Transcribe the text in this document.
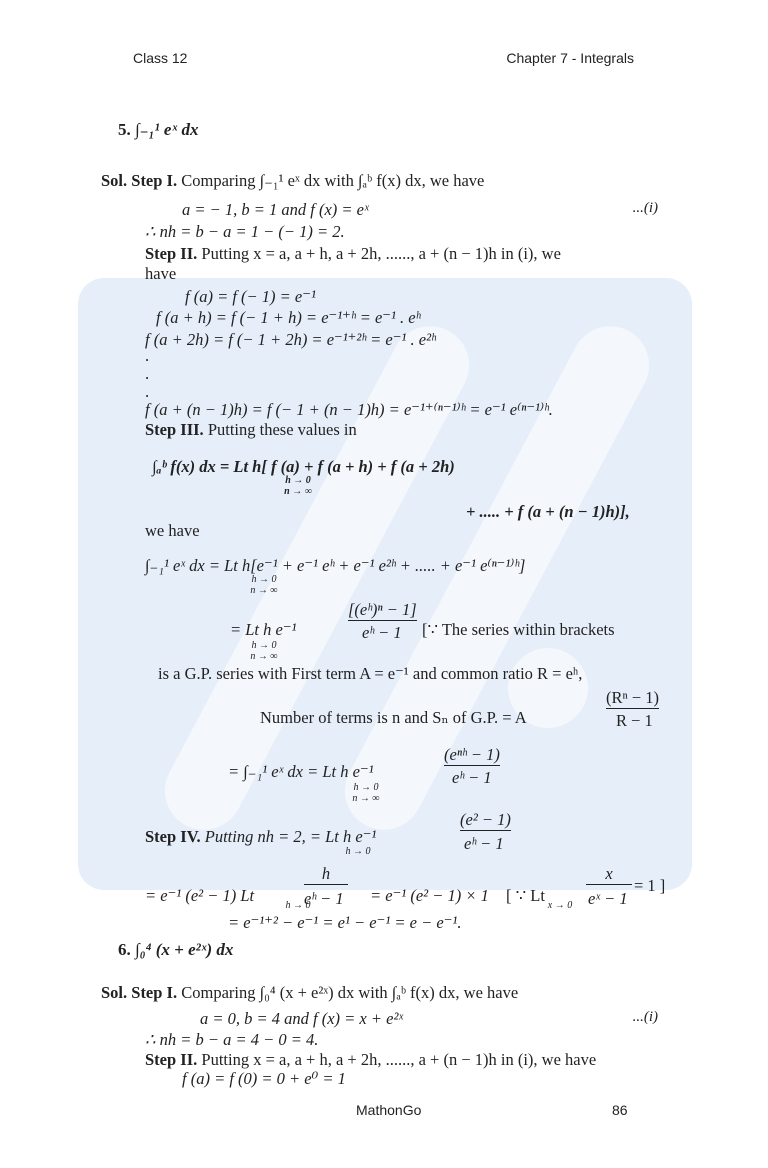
Class 12	Chapter 7 - Integrals
5. ∫₋₁¹ eˣ dx
Sol. Step I. Comparing ∫₋₁¹ eˣ dx with ∫ₐᵇ f(x) dx, we have
a = − 1, b = 1 and f (x) = eˣ	...(i)
∴ nh = b − a = 1 − (− 1) = 2.
Step II. Putting x = a, a + h, a + 2h, ......, a + (n − 1)h in (i), we
have
f (a) = f (− 1) = e⁻¹
f (a + h) = f (− 1 + h) = e⁻¹⁺ʰ = e⁻¹ . eʰ
f (a + 2h) = f (− 1 + 2h) = e⁻¹⁺²ʰ = e⁻¹ . e²ʰ
.
.
.
f (a + (n − 1)h) = f (− 1 + (n − 1)h) = e⁻¹⁺⁽ⁿ⁻¹⁾ʰ = e⁻¹ e⁽ⁿ⁻¹⁾ʰ.
Step III. Putting these values in
∫ₐᵇ f(x) dx = Lt h[ f (a) + f (a + h) + f (a + 2h)
h → 0
n → ∞
+ ..... + f (a + (n − 1)h)],
we have
∫₋₁¹ eˣ dx = Lt h[e⁻¹ + e⁻¹ eʰ + e⁻¹ e²ʰ + ..... + e⁻¹ e⁽ⁿ⁻¹⁾ʰ]
h → 0
n → ∞
= Lt h e⁻¹
h → 0
n → ∞
[(eʰ)ⁿ − 1]
eʰ − 1 [∵ The series within brackets
is a G.P. series with First term A = e⁻¹ and common ratio R = eʰ,
Number of terms is n and Sₙ of G.P. = A
(Rⁿ − 1)
R − 1
= ∫₋₁¹ eˣ dx = Lt h e⁻¹
h → 0
n → ∞
(eⁿʰ − 1)
eʰ − 1
Step IV. Putting nh = 2, = Lt h e⁻¹
h → 0
(e² − 1)
eʰ − 1
= e⁻¹ (e² − 1) Lt
h → 0
h
eʰ − 1 = e⁻¹ (e² − 1) × 1 [ ∵ Lt
x → 0
x
eˣ − 1
= 1 ]
= e⁻¹⁺² − e⁻¹ = e¹ − e⁻¹ = e − e⁻¹.
6. ∫₀⁴ (x + e²ˣ) dx
Sol. Step I. Comparing ∫₀⁴ (x + e²ˣ) dx with ∫ₐᵇ f(x) dx, we have
a = 0, b = 4 and f (x) = x + e²ˣ	...(i)
∴ nh = b − a = 4 − 0 = 4.
Step II. Putting x = a, a + h, a + 2h, ......, a + (n − 1)h in (i), we have
f (a) = f (0) = 0 + e⁰ = 1
MathonGo	86
